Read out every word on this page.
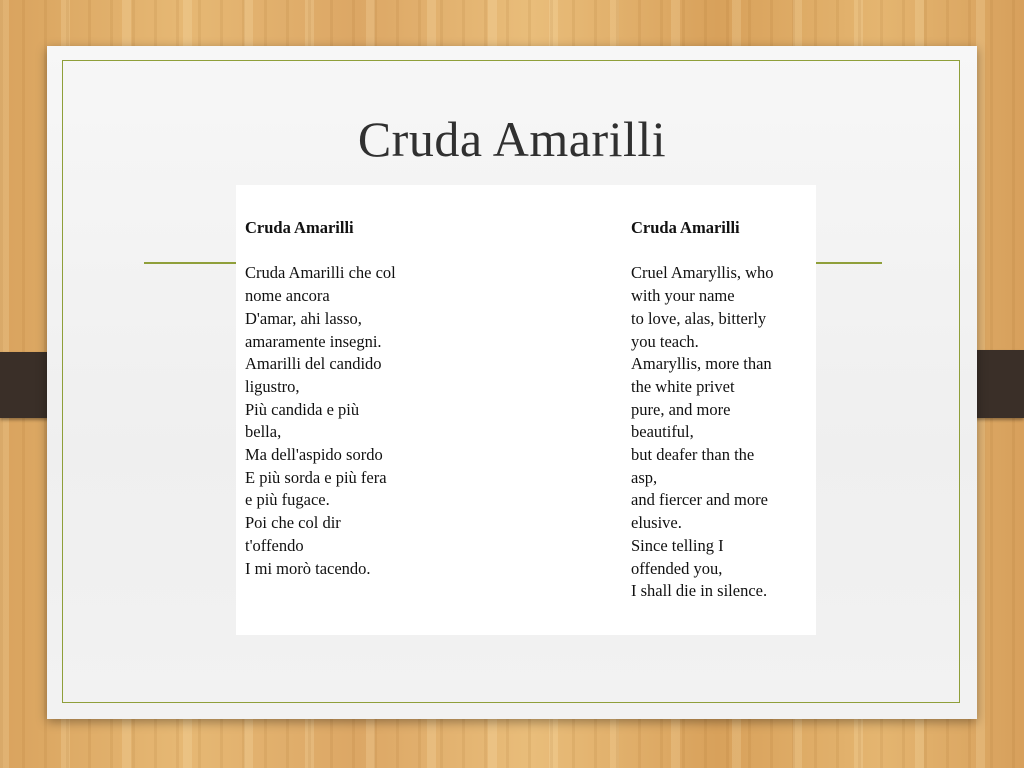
Cruda Amarilli
Cruda Amarilli
Cruda Amarilli che col
nome ancora
D'amar, ahi lasso,
amaramente insegni.
Amarilli del candido
ligustro,
Più candida e più
bella,
Ma dell'aspido sordo
E più sorda e più fera
e più fugace.
Poi che col dir
t'offendo
I mi morò tacendo.
Cruda Amarilli
Cruel Amaryllis, who
with your name
to love, alas, bitterly
you teach.
Amaryllis, more than
the white privet
pure, and more
beautiful,
but deafer than the
asp,
and fiercer and more
elusive.
Since telling I
offended you,
I shall die in silence.
